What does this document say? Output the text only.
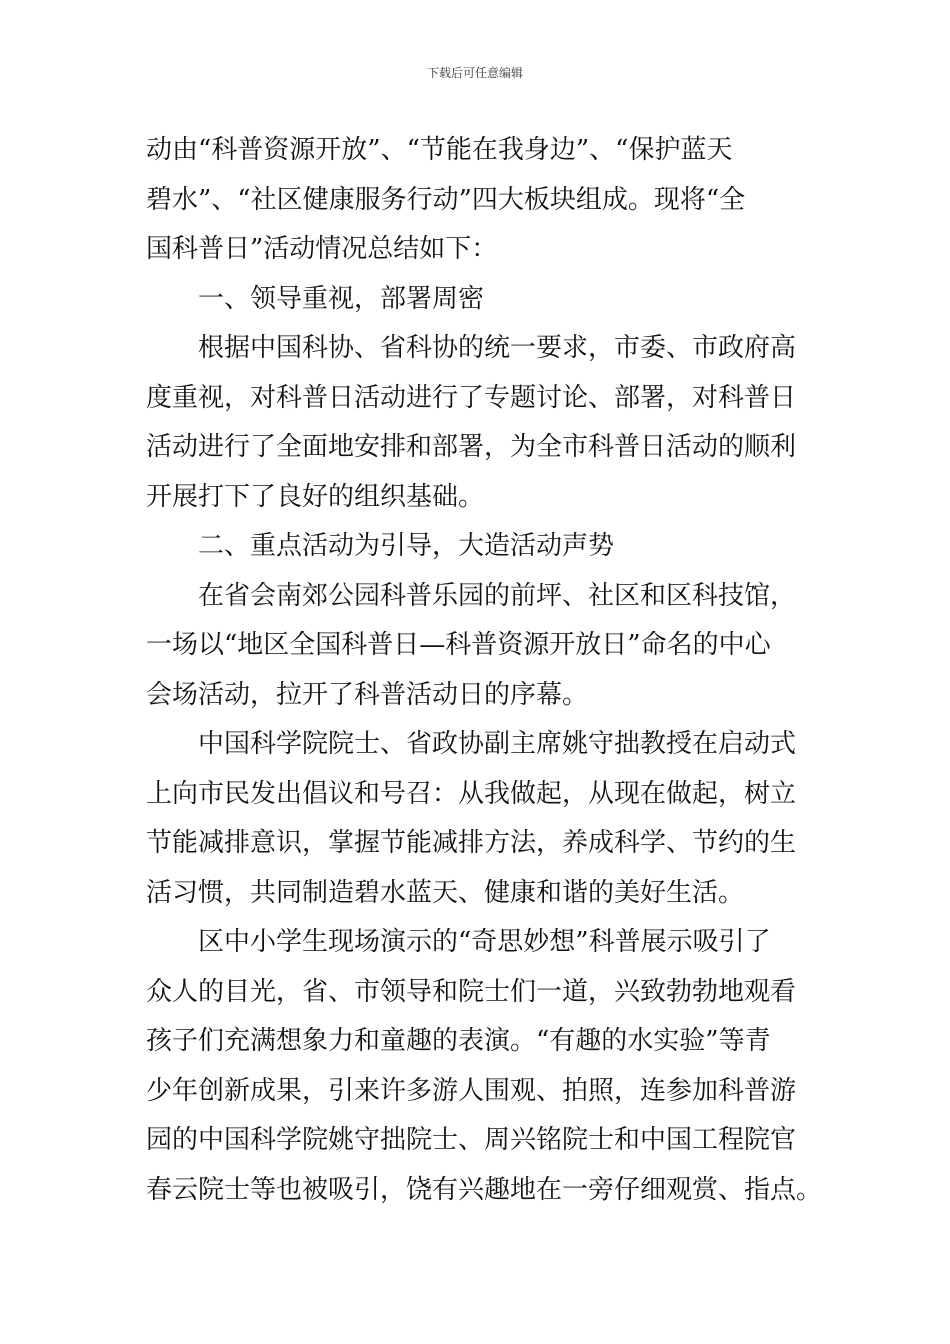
下载后可任意编辑
动由“科普资源开放”、“节能在我身边”、“保护蓝天
碧水”、“社区健康服务行动”四大板块组成。现将“全
国科普日”活动情况总结如下：
一、领导重视，部署周密
根据中国科协、省科协的统一要求，市委、市政府高
度重视，对科普日活动进行了专题讨论、部署，对科普日
活动进行了全面地安排和部署，为全市科普日活动的顺利
开展打下了良好的组织基础。
二、重点活动为引导，大造活动声势
在省会南郊公园科普乐园的前坪、社区和区科技馆，
一场以“地区全国科普日—科普资源开放日”命名的中心
会场活动，拉开了科普活动日的序幕。
中国科学院院士、省政协副主席姚守拙教授在启动式
上向市民发出倡议和号召：从我做起，从现在做起，树立
节能减排意识，掌握节能减排方法，养成科学、节约的生
活习惯，共同制造碧水蓝天、健康和谐的美好生活。
区中小学生现场演示的“奇思妙想”科普展示吸引了
众人的目光，省、市领导和院士们一道，兴致勃勃地观看
孩子们充满想象力和童趣的表演。“有趣的水实验”等青
少年创新成果，引来许多游人围观、拍照，连参加科普游
园的中国科学院姚守拙院士、周兴铭院士和中国工程院官
春云院士等也被吸引，饶有兴趣地在一旁仔细观赏、指点。
